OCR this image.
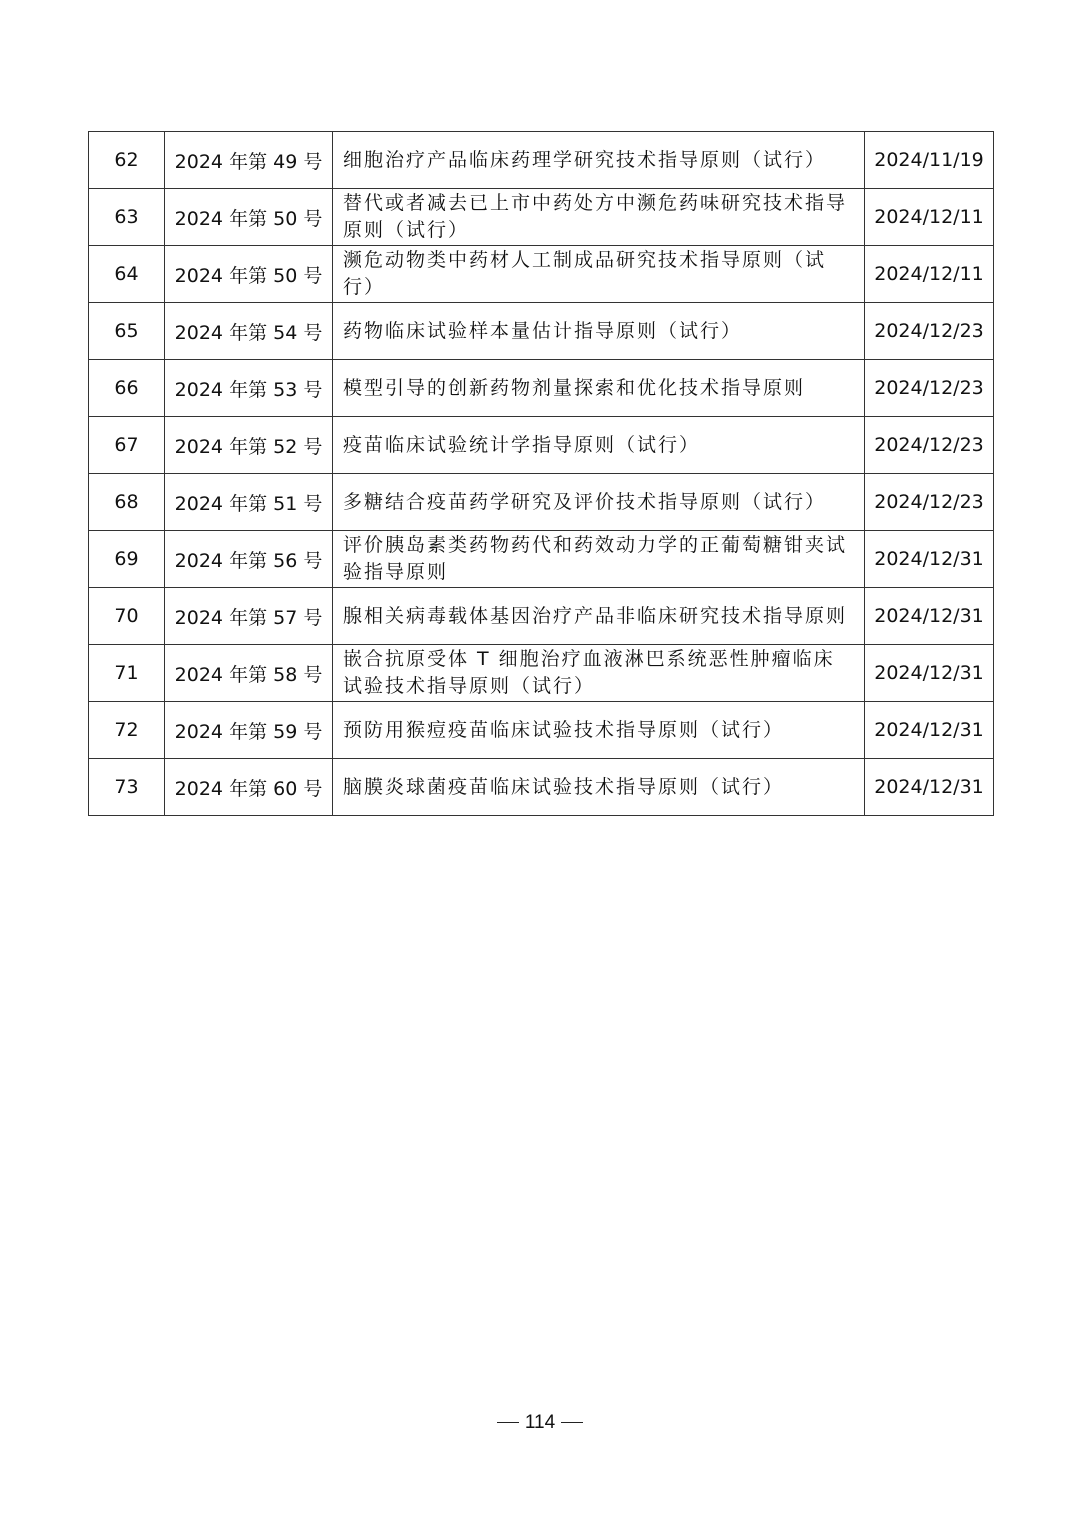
62	2024 年第 49 号	细胞治疗产品临床药理学研究技术指导原则（试行）	2024/11/19
63	2024 年第 50 号	替代或者减去已上市中药处方中濒危药味研究技术指导原则（试行）	2024/12/11
64	2024 年第 50 号	濒危动物类中药材人工制成品研究技术指导原则（试行）	2024/12/11
65	2024 年第 54 号	药物临床试验样本量估计指导原则（试行）	2024/12/23
66	2024 年第 53 号	模型引导的创新药物剂量探索和优化技术指导原则	2024/12/23
67	2024 年第 52 号	疫苗临床试验统计学指导原则（试行）	2024/12/23
68	2024 年第 51 号	多糖结合疫苗药学研究及评价技术指导原则（试行）	2024/12/23
69	2024 年第 56 号	评价胰岛素类药物药代和药效动力学的正葡萄糖钳夹试验指导原则	2024/12/31
70	2024 年第 57 号	腺相关病毒载体基因治疗产品非临床研究技术指导原则	2024/12/31
71	2024 年第 58 号	嵌合抗原受体 T 细胞治疗血液淋巴系统恶性肿瘤临床试验技术指导原则（试行）	2024/12/31
72	2024 年第 59 号	预防用猴痘疫苗临床试验技术指导原则（试行）	2024/12/31
73	2024 年第 60 号	脑膜炎球菌疫苗临床试验技术指导原则（试行）	2024/12/31
114
